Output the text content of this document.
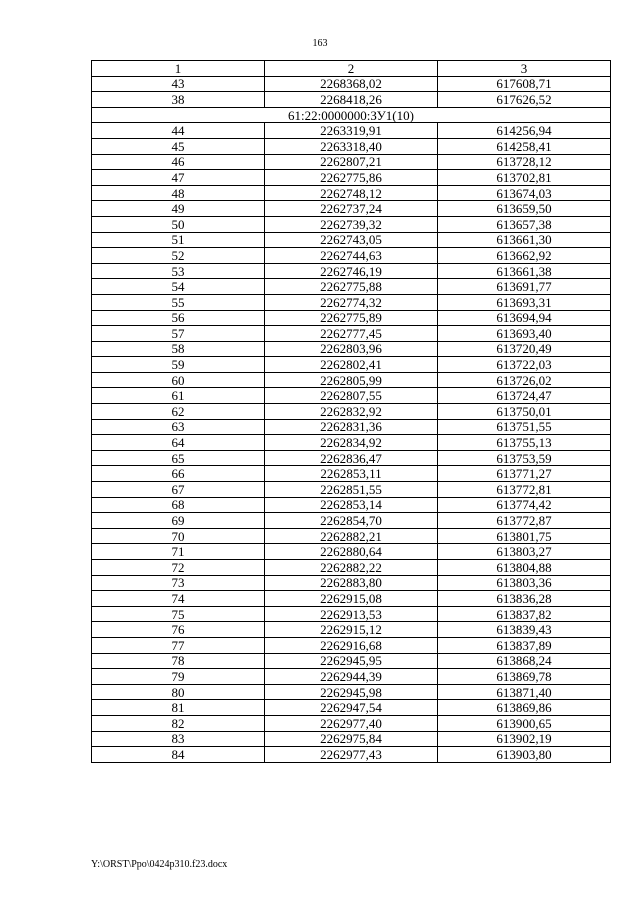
163
1	2	3
43	2268368,02	617608,71
38	2268418,26	617626,52
61:22:0000000:ЗУ1(10)		
44	2263319,91	614256,94
45	2263318,40	614258,41
46	2262807,21	613728,12
47	2262775,86	613702,81
48	2262748,12	613674,03
49	2262737,24	613659,50
50	2262739,32	613657,38
51	2262743,05	613661,30
52	2262744,63	613662,92
53	2262746,19	613661,38
54	2262775,88	613691,77
55	2262774,32	613693,31
56	2262775,89	613694,94
57	2262777,45	613693,40
58	2262803,96	613720,49
59	2262802,41	613722,03
60	2262805,99	613726,02
61	2262807,55	613724,47
62	2262832,92	613750,01
63	2262831,36	613751,55
64	2262834,92	613755,13
65	2262836,47	613753,59
66	2262853,11	613771,27
67	2262851,55	613772,81
68	2262853,14	613774,42
69	2262854,70	613772,87
70	2262882,21	613801,75
71	2262880,64	613803,27
72	2262882,22	613804,88
73	2262883,80	613803,36
74	2262915,08	613836,28
75	2262913,53	613837,82
76	2262915,12	613839,43
77	2262916,68	613837,89
78	2262945,95	613868,24
79	2262944,39	613869,78
80	2262945,98	613871,40
81	2262947,54	613869,86
82	2262977,40	613900,65
83	2262975,84	613902,19
84	2262977,43	613903,80
Y:\ORST\Ppo\0424p310.f23.docx
